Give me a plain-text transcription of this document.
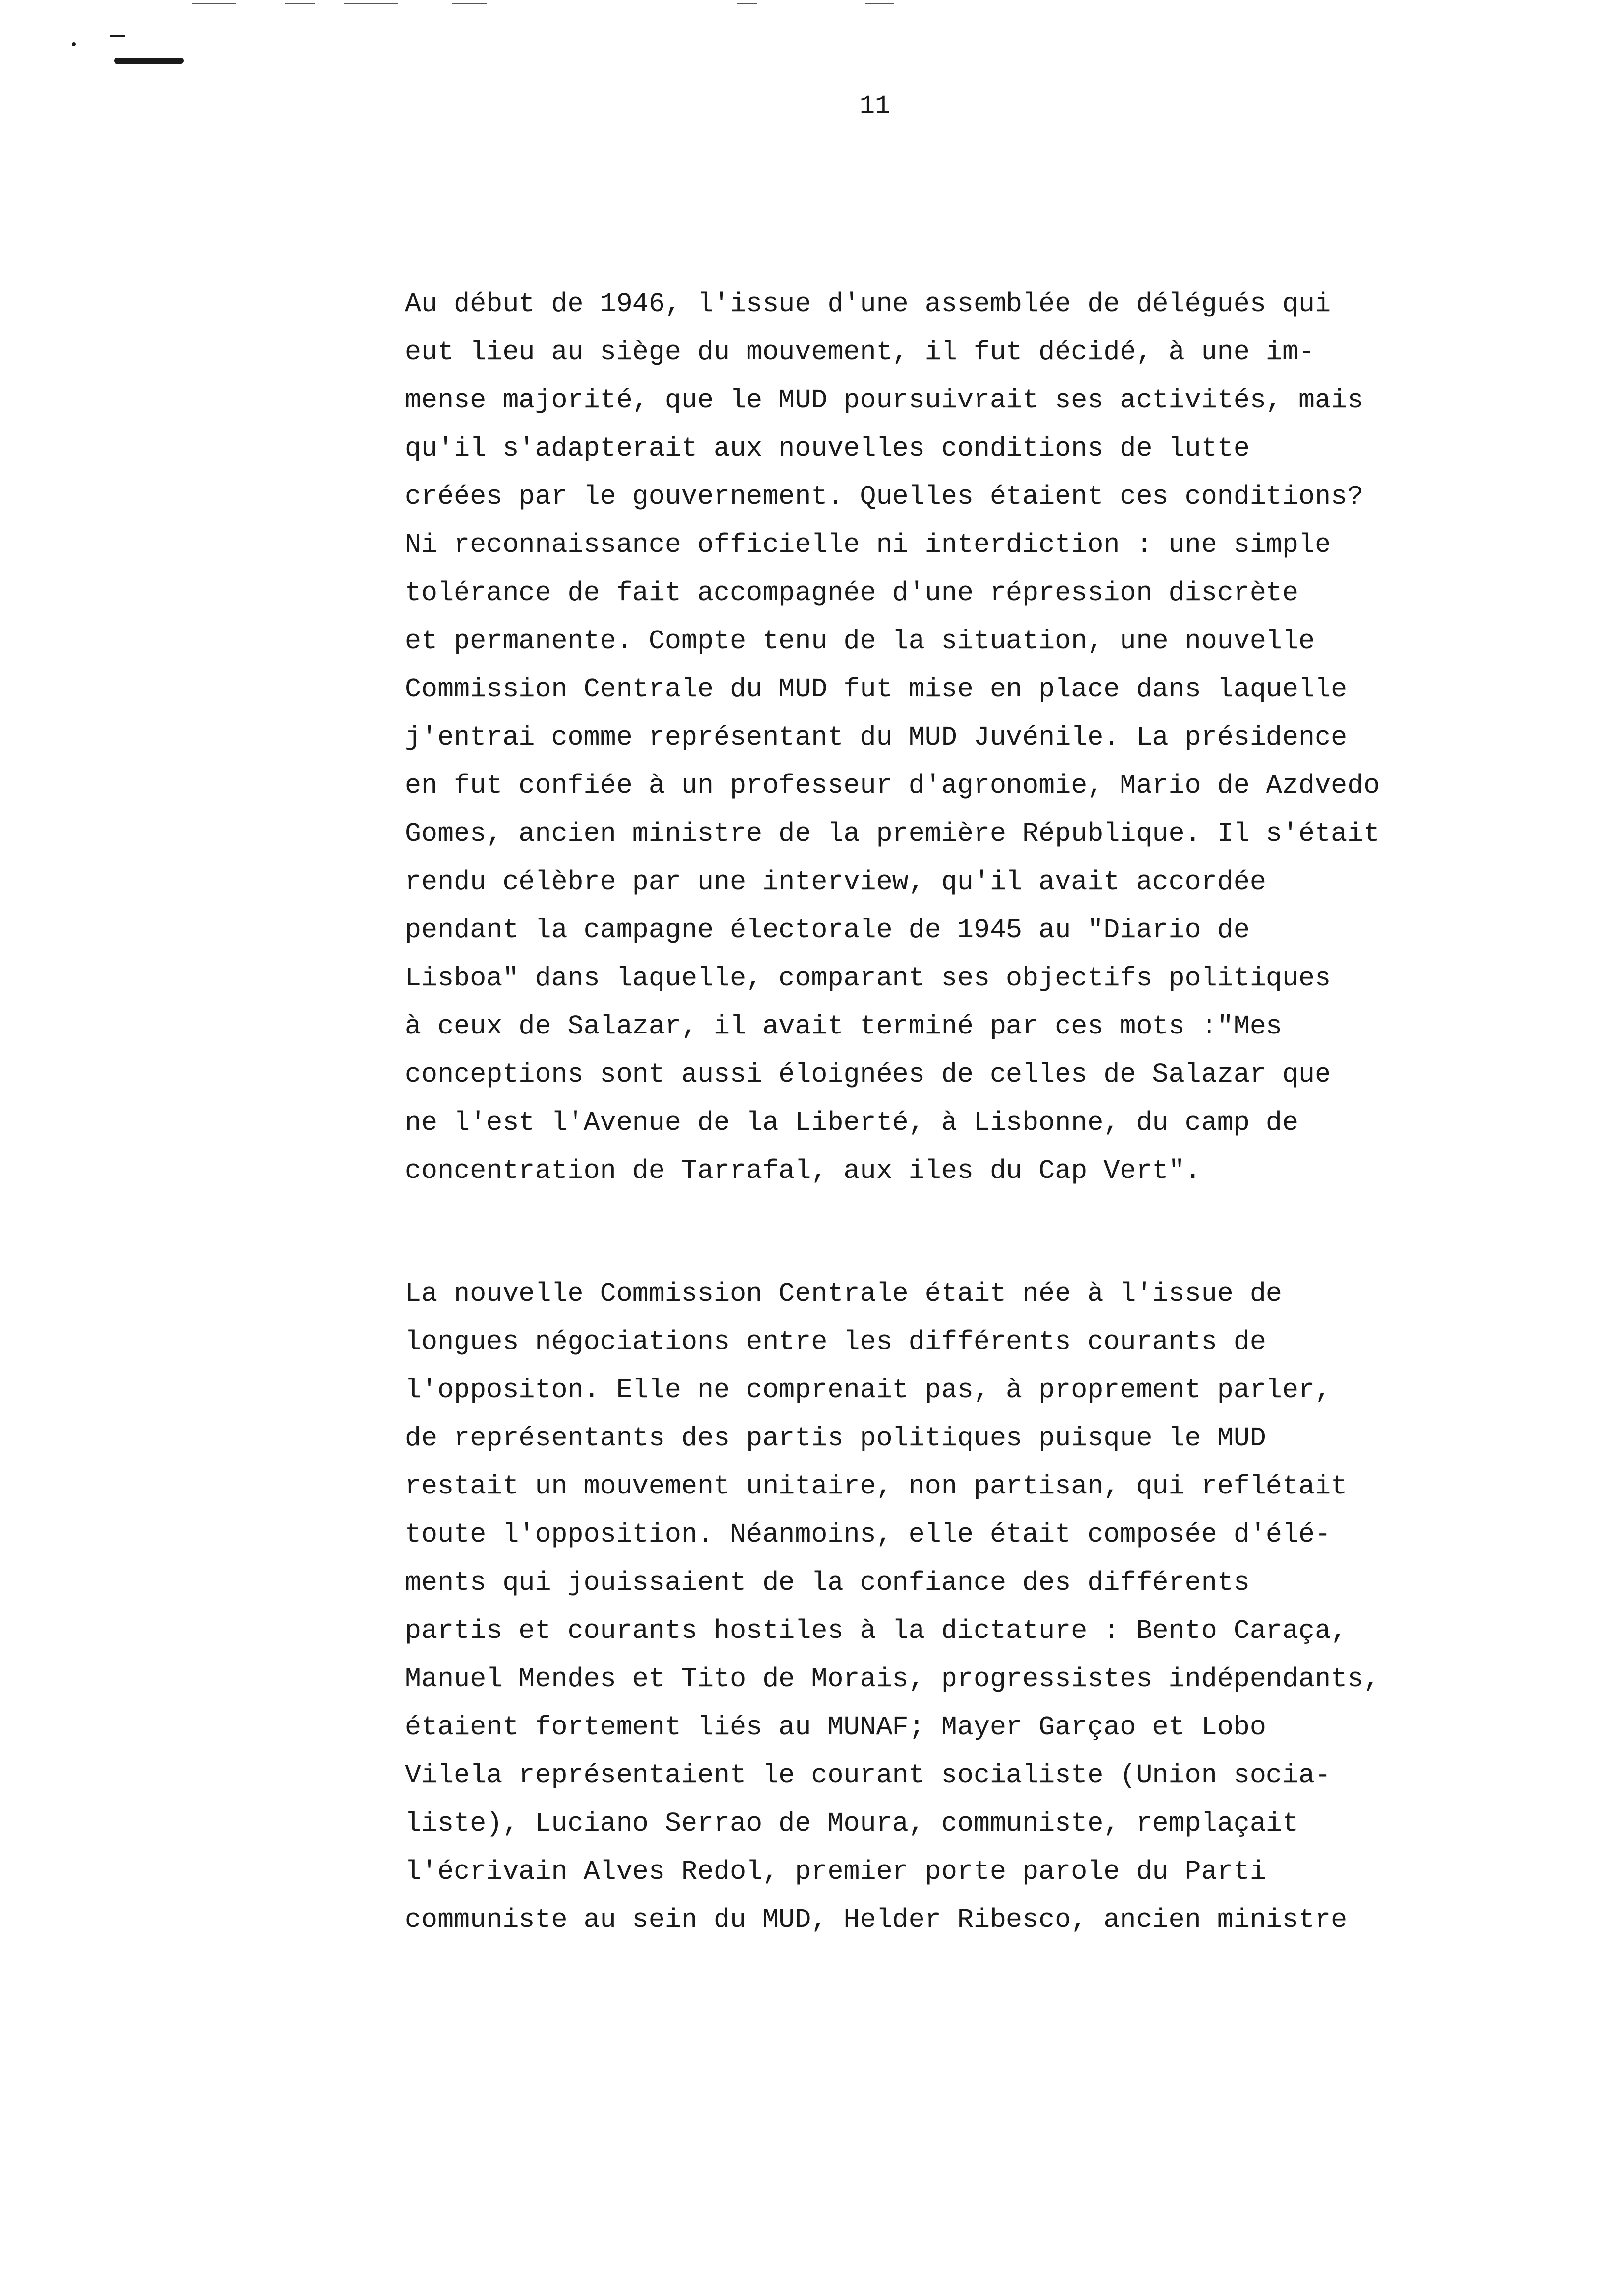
11
Au début de 1946, l'issue d'une assemblée de délégués qui
eut lieu au siège du mouvement, il fut décidé, à une im-
mense majorité, que le MUD poursuivrait ses activités, mais
qu'il s'adapterait aux nouvelles conditions de lutte
créées par le gouvernement. Quelles étaient ces conditions?
Ni reconnaissance officielle ni interdiction : une simple
tolérance de fait accompagnée d'une répression discrète
et permanente. Compte tenu de la situation, une nouvelle
Commission Centrale du MUD fut mise en place dans laquelle
j'entrai comme représentant du MUD Juvénile. La présidence
en fut confiée à un professeur d'agronomie, Mario de Azdvedo
Gomes, ancien ministre de la première République. Il s'était
rendu célèbre par une interview, qu'il avait accordée
pendant la campagne électorale de 1945 au "Diario de
Lisboa" dans laquelle, comparant ses objectifs politiques
à ceux de Salazar, il avait terminé par ces mots :"Mes
conceptions sont aussi éloignées de celles de Salazar que
ne l'est l'Avenue de la Liberté, à Lisbonne, du camp de
concentration de Tarrafal, aux iles du Cap Vert".
La nouvelle Commission Centrale était née à l'issue de
longues négociations entre les différents courants de
l'oppositon. Elle ne comprenait pas, à proprement parler,
de représentants des partis politiques puisque le MUD
restait un mouvement unitaire, non partisan, qui reflétait
toute l'opposition. Néanmoins, elle était composée d'élé-
ments qui jouissaient de la confiance des différents
partis et courants hostiles à la dictature : Bento Caraça,
Manuel Mendes et Tito de Morais, progressistes indépendants,
étaient fortement liés au MUNAF; Mayer Garçao et Lobo
Vilela représentaient le courant socialiste (Union socia-
liste), Luciano Serrao de Moura, communiste, remplaçait
l'écrivain Alves Redol, premier porte parole du Parti
communiste au sein du MUD, Helder Ribesco, ancien ministre
